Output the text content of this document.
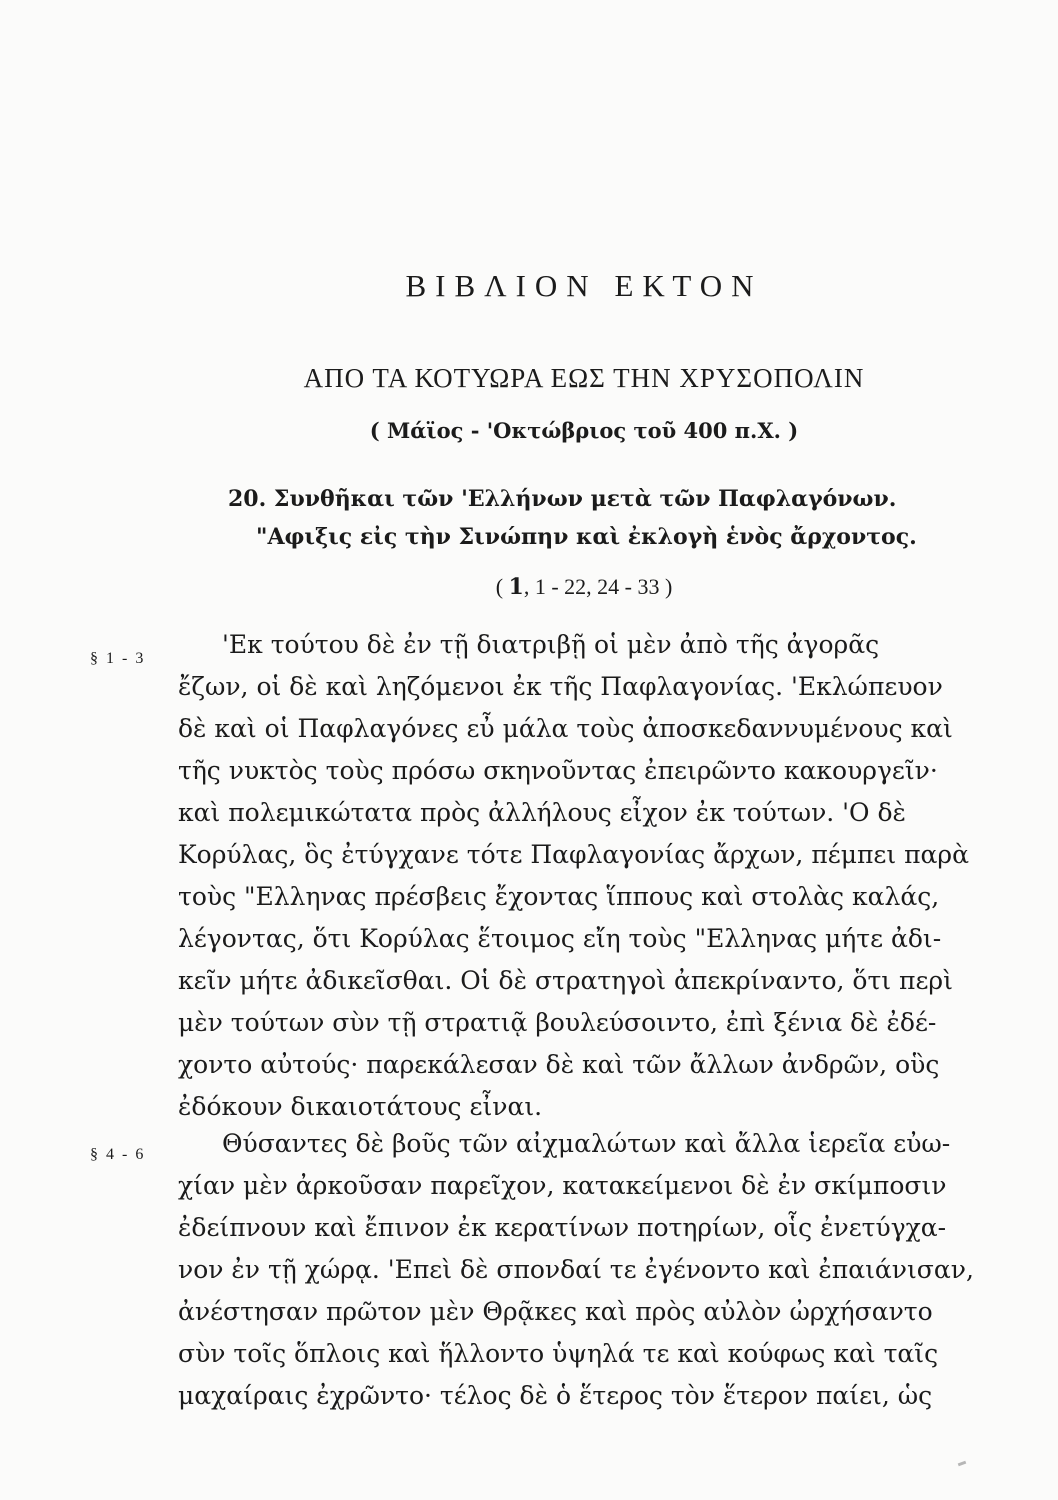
ΒΙΒΛΙΟΝ ΕΚΤΟΝ
ΑΠΟ ΤΑ ΚΟΤΥΩΡΑ ΕΩΣ ΤΗΝ ΧΡΥΣΟΠΟΛΙΝ
( Μάϊος - 'Οκτώβριος τοῦ 400 π.Χ. )
20. Συνθῆκαι τῶν 'Ελλήνων μετὰ τῶν Παφλαγόνων.
"Αφιξις εἰς τὴν Σινώπην καὶ ἐκλογὴ ἑνὸς ἄρχοντος.
( 1, 1 - 22, 24 - 33 )
§ 1 - 3
§ 4 - 6
'Εκ τούτου δὲ ἐν τῇ διατριβῇ οἱ μὲν ἀπὸ τῆς ἀγορᾶς
ἔζων, οἱ δὲ καὶ ληζόμενοι ἐκ τῆς Παφλαγονίας. 'Εκλώπευον
δὲ καὶ οἱ Παφλαγόνες εὖ μάλα τοὺς ἀποσκεδαννυμένους καὶ
τῆς νυκτὸς τοὺς πρόσω σκηνοῦντας ἐπειρῶντο κακουργεῖν·
καὶ πολεμικώτατα πρὸς ἀλλήλους εἶχον ἐκ τούτων. 'Ο δὲ
Κορύλας, ὃς ἐτύγχανε τότε Παφλαγονίας ἄρχων, πέμπει παρὰ
τοὺς "Ελληνας πρέσβεις ἔχοντας ἵππους καὶ στολὰς καλάς,
λέγοντας, ὅτι Κορύλας ἕτοιμος εἴη τοὺς "Ελληνας μήτε ἀδι-
κεῖν μήτε ἀδικεῖσθαι. Οἱ δὲ στρατηγοὶ ἀπεκρίναντο, ὅτι περὶ
μὲν τούτων σὺν τῇ στρατιᾷ βουλεύσοιντο, ἐπὶ ξένια δὲ ἐδέ-
χοντο αὐτούς· παρεκάλεσαν δὲ καὶ τῶν ἄλλων ἀνδρῶν, οὓς
ἐδόκουν δικαιοτάτους εἶναι.
Θύσαντες δὲ βοῦς τῶν αἰχμαλώτων καὶ ἄλλα ἱερεῖα εὐω-
χίαν μὲν ἀρκοῦσαν παρεῖχον, κατακείμενοι δὲ ἐν σκίμποσιν
ἐδείπνουν καὶ ἔπινον ἐκ κερατίνων ποτηρίων, οἷς ἐνετύγχα-
νον ἐν τῇ χώρᾳ. 'Επεὶ δὲ σπονδαί τε ἐγένοντο καὶ ἐπαιάνισαν,
ἀνέστησαν πρῶτον μὲν Θρᾷκες καὶ πρὸς αὐλὸν ὠρχήσαντο
σὺν τοῖς ὅπλοις καὶ ἥλλοντο ὑψηλά τε καὶ κούφως καὶ ταῖς
μαχαίραις ἐχρῶντο· τέλος δὲ ὁ ἕτερος τὸν ἕτερον παίει, ὡς
